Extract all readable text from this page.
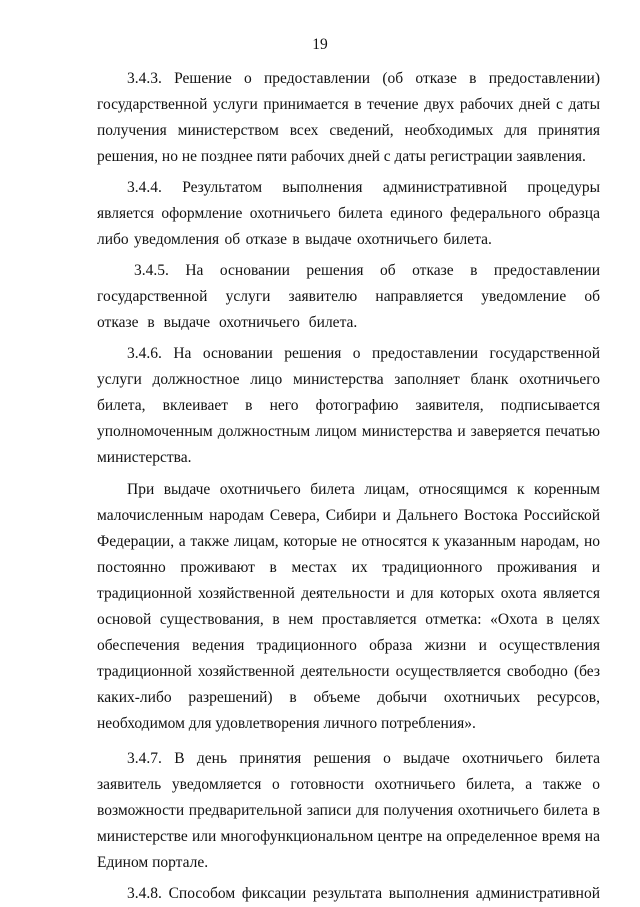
19

3.4.3. Решение о предоставлении (об отказе в предоставлении) государственной услуги принимается в течение двух рабочих дней с даты получения министерством всех сведений, необходимых для принятия решения, но не позднее пяти рабочих дней с даты регистрации заявления.

3.4.4. Результатом выполнения административной процедуры является оформление охотничьего билета единого федерального образца либо уведомления об отказе в выдаче охотничьего билета.

3.4.5. На основании решения об отказе в предоставлении государственной услуги заявителю направляется уведомление об отказе в выдаче охотничьего билета.

3.4.6. На основании решения о предоставлении государственной услуги должностное лицо министерства заполняет бланк охотничьего билета, вклеивает в него фотографию заявителя, подписывается уполномоченным должностным лицом министерства и заверяется печатью министерства.

При выдаче охотничьего билета лицам, относящимся к коренным малочисленным народам Севера, Сибири и Дальнего Востока Российской Федерации, а также лицам, которые не относятся к указанным народам, но постоянно проживают в местах их традиционного проживания и традиционной хозяйственной деятельности и для которых охота является основой существования, в нем проставляется отметка: «Охота в целях обеспечения ведения традиционного образа жизни и осуществления традиционной хозяйственной деятельности осуществляется свободно (без каких-либо разрешений) в объеме добычи охотничьих ресурсов, необходимом для удовлетворения личного потребления».

3.4.7. В день принятия решения о выдаче охотничьего билета заявитель уведомляется о готовности охотничьего билета, а также о возможности предварительной записи для получения охотничьего билета в министерстве или многофункциональном центре на определенное время на Едином портале.

3.4.8. Способом фиксации результата выполнения административной
